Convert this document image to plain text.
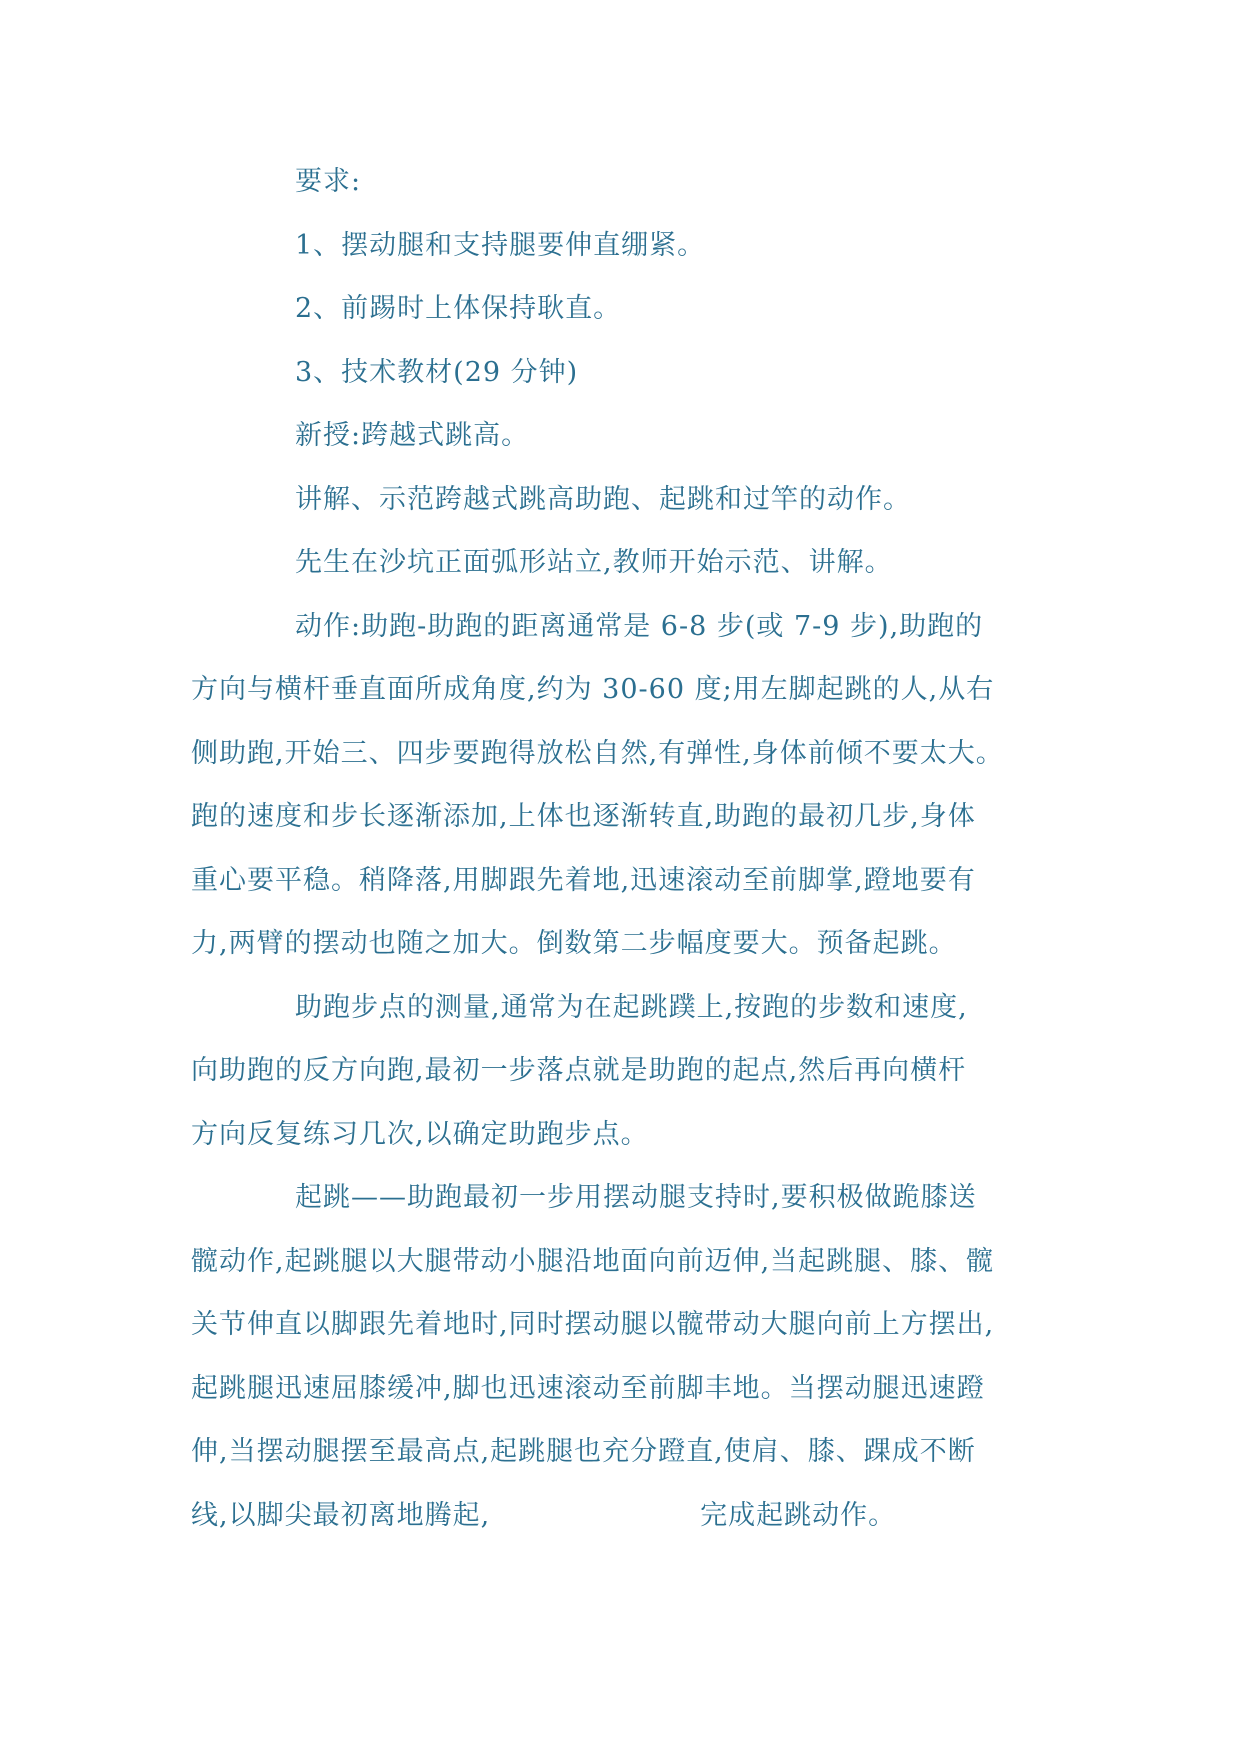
要求:
1、摆动腿和支持腿要伸直绷紧。
2、前踢时上体保持耿直。
3、技术教材(29 分钟)
新授:跨越式跳高。
讲解、示范跨越式跳高助跑、起跳和过竿的动作。
先生在沙坑正面弧形站立,教师开始示范、讲解。
动作:助跑-助跑的距离通常是 6-8 步(或 7-9 步),助跑的
方向与横杆垂直面所成角度,约为 30-60 度;用左脚起跳的人,从右
侧助跑,开始三、四步要跑得放松自然,有弹性,身体前倾不要太大。
跑的速度和步长逐渐添加,上体也逐渐转直,助跑的最初几步,身体
重心要平稳。稍降落,用脚跟先着地,迅速滚动至前脚掌,蹬地要有
力,两臂的摆动也随之加大。倒数第二步幅度要大。预备起跳。
助跑步点的测量,通常为在起跳蹼上,按跑的步数和速度,
向助跑的反方向跑,最初一步落点就是助跑的起点,然后再向横杆
方向反复练习几次,以确定助跑步点。
起跳——助跑最初一步用摆动腿支持时,要积极做跪膝送
髋动作,起跳腿以大腿带动小腿沿地面向前迈伸,当起跳腿、膝、髋
关节伸直以脚跟先着地时,同时摆动腿以髋带动大腿向前上方摆出,
起跳腿迅速屈膝缓冲,脚也迅速滚动至前脚丰地。当摆动腿迅速蹬
伸,当摆动腿摆至最高点,起跳腿也充分蹬直,使肩、膝、踝成不断
线,以脚尖最初离地腾起,	完成起跳动作。
